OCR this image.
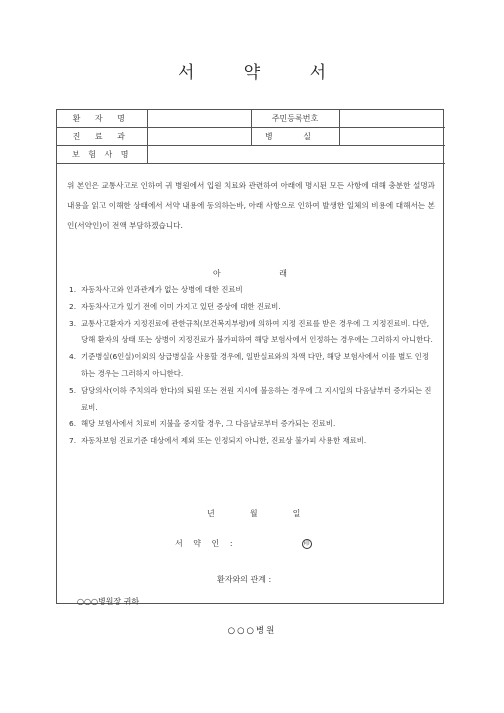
서 약 서
환 자 명		주민등록번호	
진 료 과		병 실	
보 험 사 명			
위 본인은 교통사고로 인하여 귀 병원에서 입원 치료와 관련하여 아래에 명시된 모든 사항에 대해 충분한 설명과 내용을 읽고 이해한 상태에서 서약 내용에 동의하는바, 아래 사항으로 인하여 발생한 일체의 비용에 대해서는 본인(서약인)이 전액 부담하겠습니다.
아 래
1. 자동차사고와 인과관계가 없는 상병에 대한 진료비
2. 자동차사고가 있기 전에 이미 가지고 있던 증상에 대한 진료비.
3. 교통사고환자가 지정진료에 관한규칙(보건복지부령)에 의하여 지정 진료를 받은 경우에 그 지정진료비. 다만, 당해 환자의 상태 또는 상병이 지정진료가 불가피하여 해당 보험사에서 인정하는 경우에는 그러하지 아니한다.
4. 기준병실(6인실)이외의 상급병실을 사용할 경우에, 일반실료와의 차액 다만, 해당 보험사에서 이를 별도 인정하는 경우는 그러하지 아니한다.
5. 담당의사(이하 주치의라 한다)의 퇴원 또는 전원 지시에 불응하는 경우에 그 지시일의 다음날부터 증가되는 진료비.
6. 해당 보험사에서 치료비 지불을 중지할 경우, 그 다음날로부터 증가되는 진료비.
7. 자동차보험 진료기준 대상에서 제외 또는 인정되지 아니한, 진료상 불가피 사용한 재료비.
년	월	일
서 약 인 :	印
환자와의 관계 :
○○○병원장 귀하
○○○병원
